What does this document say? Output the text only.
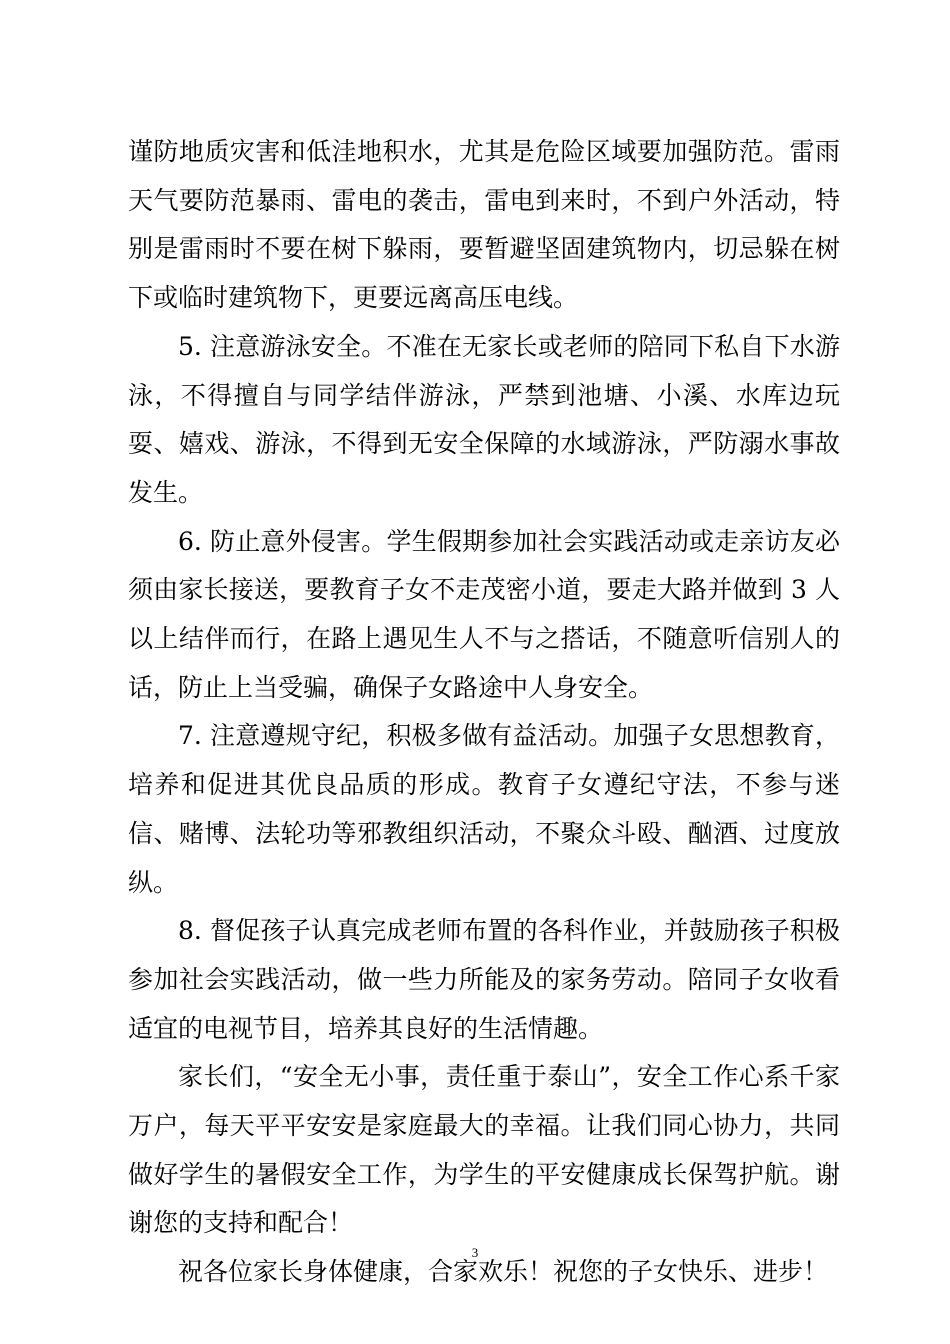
谨防地质灾害和低洼地积水，尤其是危险区域要加强防范。雷雨天气要防范暴雨、雷电的袭击，雷电到来时，不到户外活动，特别是雷雨时不要在树下躲雨，要暂避坚固建筑物内，切忌躲在树下或临时建筑物下，更要远离高压电线。

5. 注意游泳安全。不准在无家长或老师的陪同下私自下水游泳，不得擅自与同学结伴游泳，严禁到池塘、小溪、水库边玩耍、嬉戏、游泳，不得到无安全保障的水域游泳，严防溺水事故发生。

6. 防止意外侵害。学生假期参加社会实践活动或走亲访友必须由家长接送，要教育子女不走茂密小道，要走大路并做到 3 人以上结伴而行，在路上遇见生人不与之搭话，不随意听信别人的话，防止上当受骗，确保子女路途中人身安全。

7. 注意遵规守纪，积极多做有益活动。加强子女思想教育，培养和促进其优良品质的形成。教育子女遵纪守法，不参与迷信、赌博、法轮功等邪教组织活动，不聚众斗殴、酗酒、过度放纵。

8. 督促孩子认真完成老师布置的各科作业，并鼓励孩子积极参加社会实践活动，做一些力所能及的家务劳动。陪同子女收看适宜的电视节目，培养其良好的生活情趣。

家长们，“安全无小事，责任重于泰山”，安全工作心系千家万户，每天平平安安是家庭最大的幸福。让我们同心协力，共同做好学生的暑假安全工作，为学生的平安健康成长保驾护航。谢谢您的支持和配合！

祝各位家长身体健康，合家欢乐！祝您的子女快乐、进步！

3
